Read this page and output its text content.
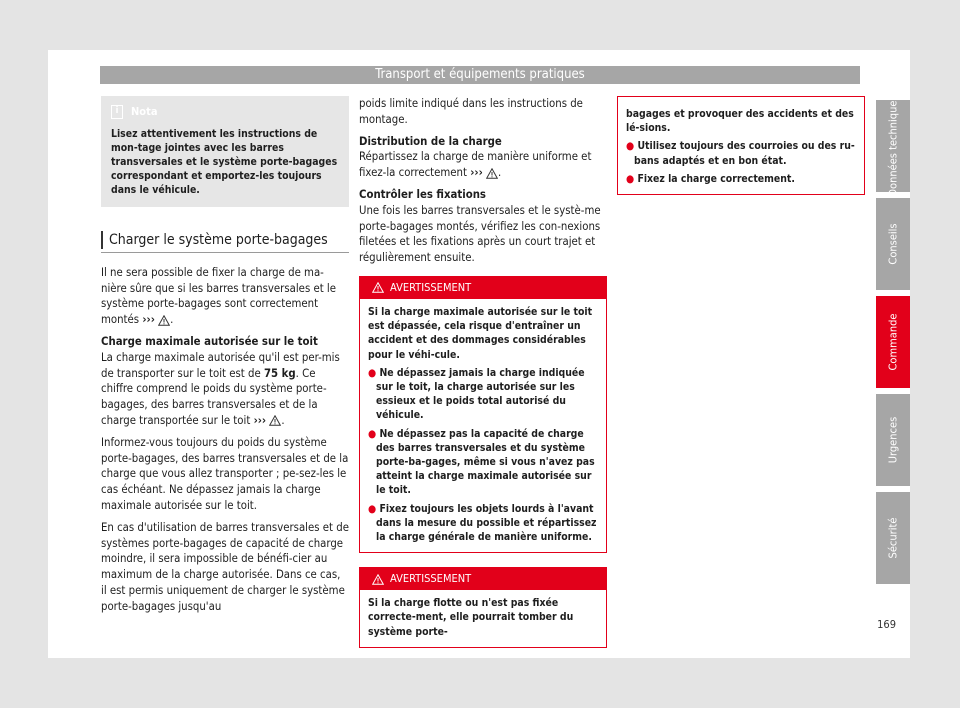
Transport et équipements pratiques
Données techniques
Conseils
Commande
Urgences
Sécurité
169
i	Nota
Lisez attentivement les instructions de mon-tage jointes avec les barres transversales et le système porte-bagages correspondant et emportez-les toujours dans le véhicule.
Charger le système porte-bagages

Il ne sera possible de fixer la charge de ma-nière sûre que si les barres transversales et le système porte-bagages sont correctement montés ››› .

Charge maximale autorisée sur le toit

La charge maximale autorisée qu'il est per-mis de transporter sur le toit est de 75 kg. Ce chiffre comprend le poids du système porte-bagages, des barres transversales et de la charge transportée sur le toit ››› .

Informez-vous toujours du poids du système porte-bagages, des barres transversales et de la charge que vous allez transporter ; pe-sez-les le cas échéant. Ne dépassez jamais la charge maximale autorisée sur le toit.

En cas d'utilisation de barres transversales et de systèmes porte-bagages de capacité de charge moindre, il sera impossible de bénéfi-cier au maximum de la charge autorisée. Dans ce cas, il est permis uniquement de charger le système porte-bagages jusqu'au

poids limite indiqué dans les instructions de montage.

Distribution de la charge

Répartissez la charge de manière uniforme et fixez-la correctement ››› .

Contrôler les fixations

Une fois les barres transversales et le systè-me porte-bagages montés, vérifiez les con-nexions filetées et les fixations après un court trajet et régulièrement ensuite.

AVERTISSEMENT

Si la charge maximale autorisée sur le toit est dépassée, cela risque d'entraîner un accident et des dommages considérables pour le véhi-cule.

● Ne dépassez jamais la charge indiquée sur le toit, la charge autorisée sur les essieux et le poids total autorisé du véhicule.

● Ne dépassez pas la capacité de charge des barres transversales et du système porte-ba-gages, même si vous n'avez pas atteint la charge maximale autorisée sur le toit.

● Fixez toujours les objets lourds à l'avant dans la mesure du possible et répartissez la charge générale de manière uniforme.

AVERTISSEMENT

Si la charge flotte ou n'est pas fixée correcte-ment, elle pourrait tomber du système porte-

bagages et provoquer des accidents et des lé-sions.

● Utilisez toujours des courroies ou des ru-bans adaptés et en bon état.

● Fixez la charge correctement.
